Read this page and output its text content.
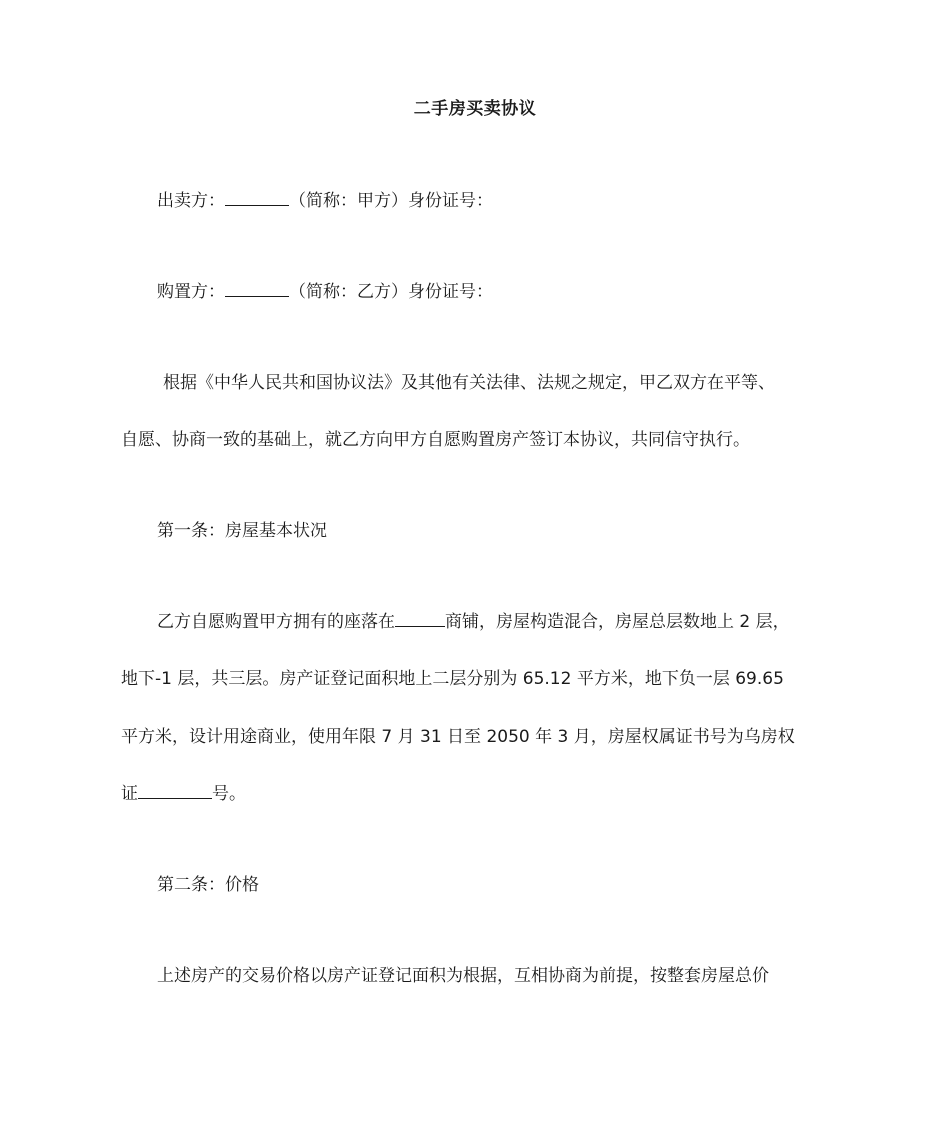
二手房买卖协议
出卖方：	（简称：甲方）身份证号：
购置方：	（简称：乙方）身份证号：
根据《中华人民共和国协议法》及其他有关法律、法规之规定，甲乙双方在平等、
自愿、协商一致的基础上，就乙方向甲方自愿购置房产签订本协议，共同信守执行。
第一条：房屋基本状况
乙方自愿购置甲方拥有的座落在	商铺，房屋构造混合，房屋总层数地上 2 层，
地下-1 层，共三层。房产证登记面积地上二层分别为 65.12 平方米，地下负一层 69.65
平方米，设计用途商业，使用年限 7 月 31 日至 2050 年 3 月，房屋权属证书号为乌房权
证	号。
第二条：价格
上述房产的交易价格以房产证登记面积为根据，互相协商为前提，按整套房屋总价
